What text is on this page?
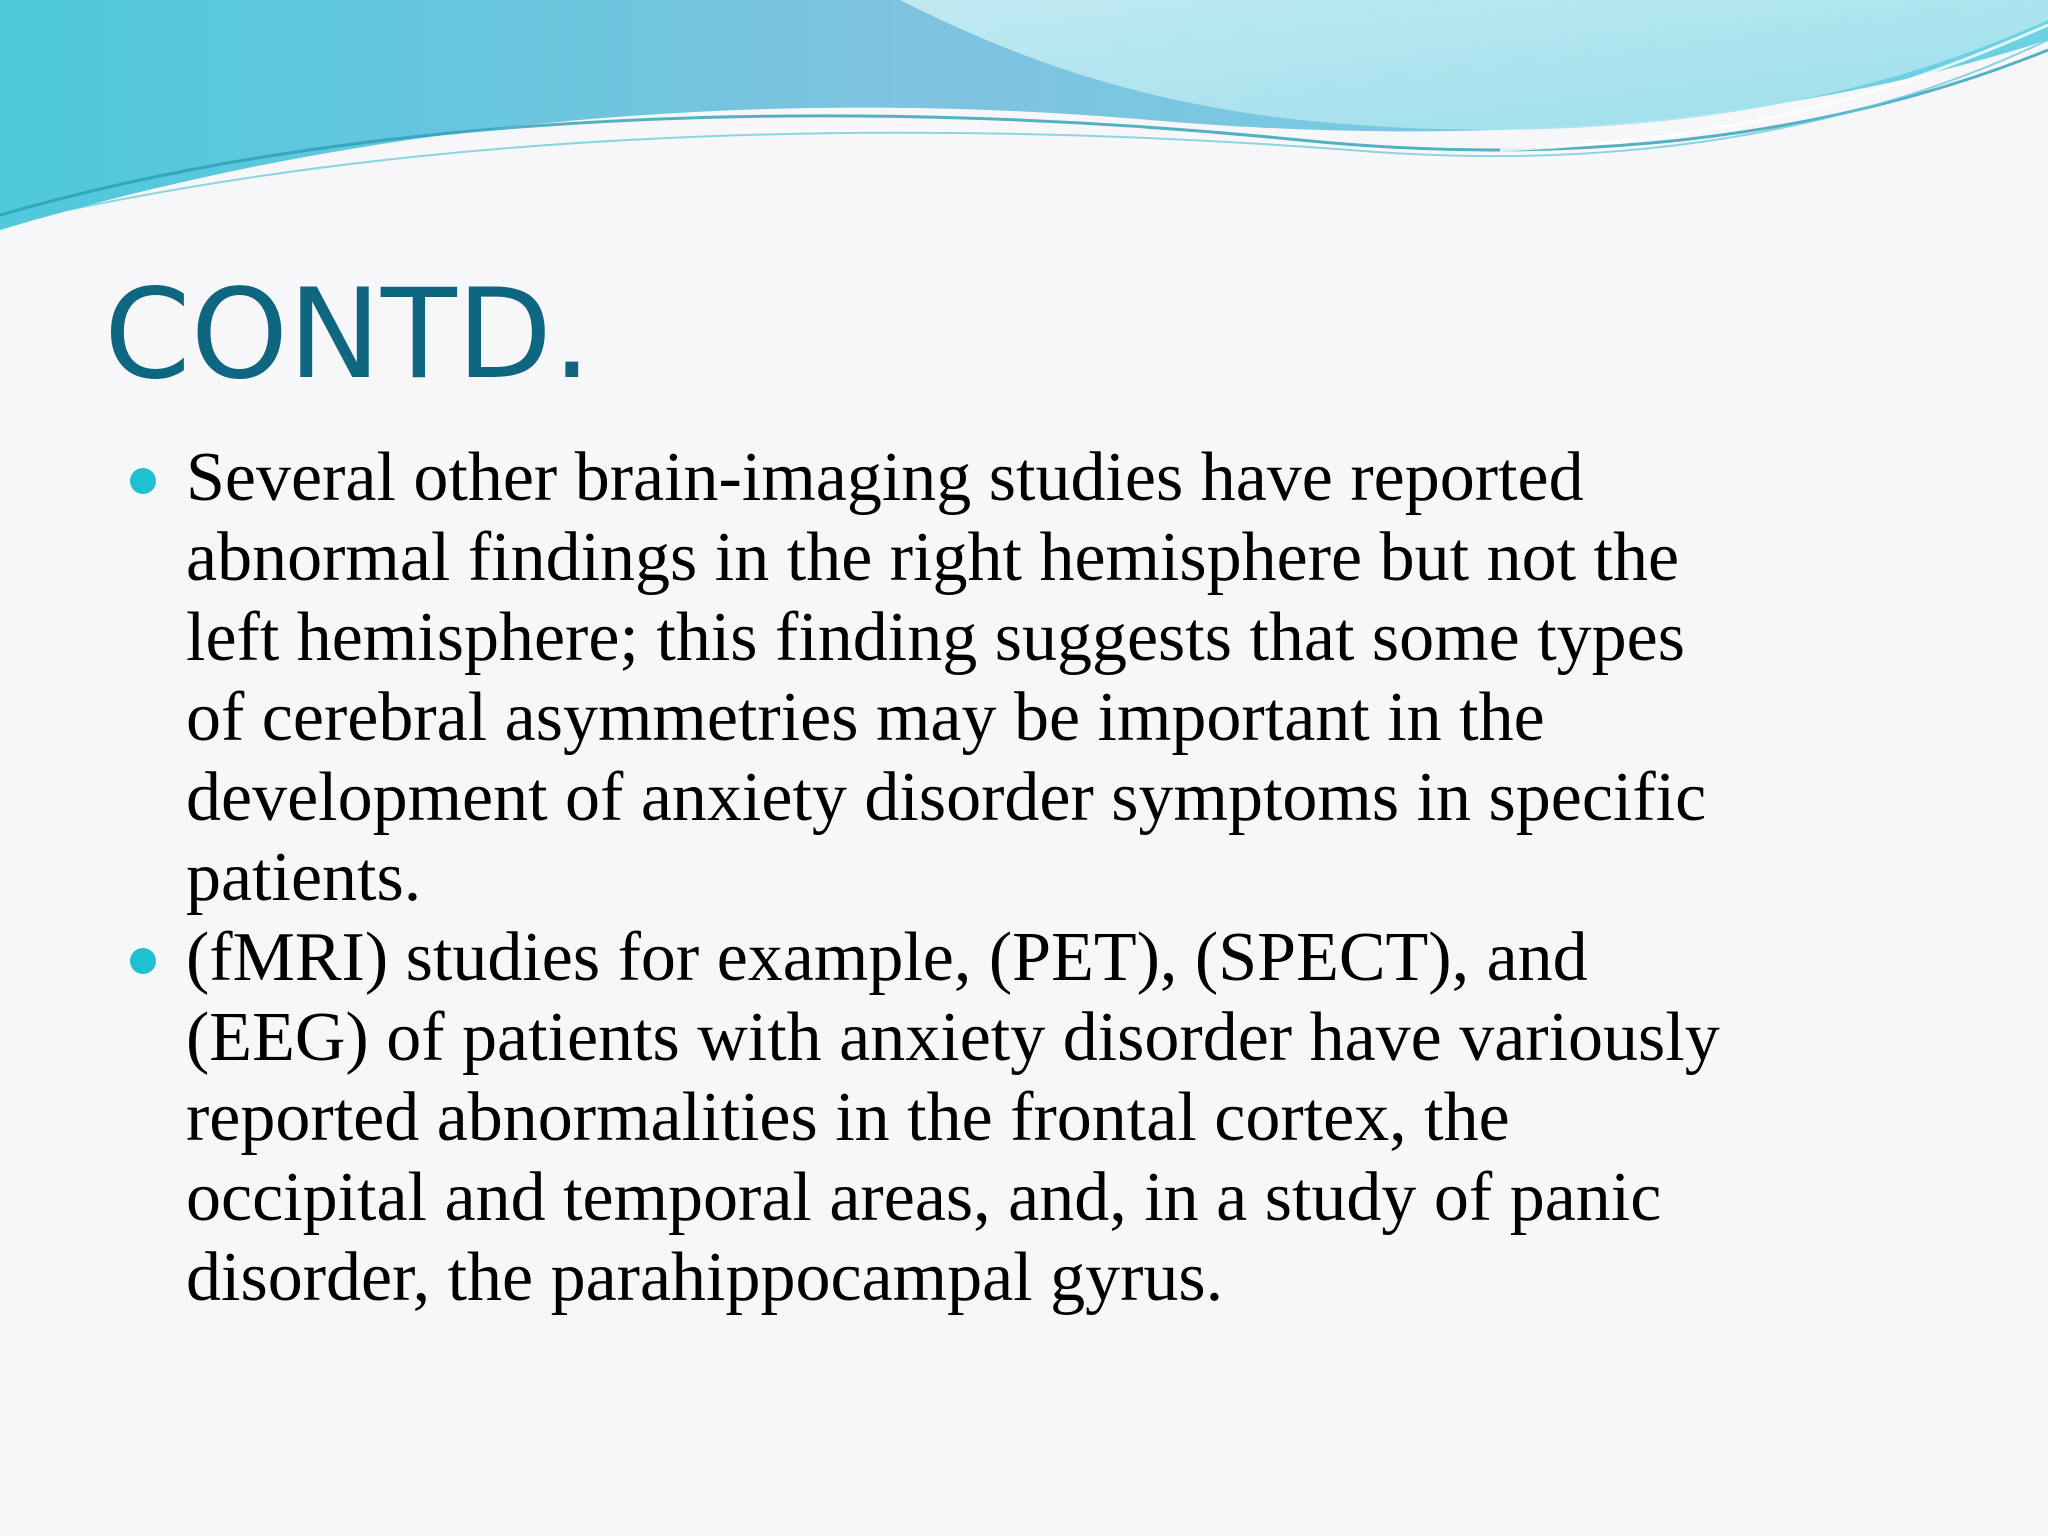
CONTD.
Several other brain-imaging studies have reported
abnormal findings in the right hemisphere but not the
left hemisphere; this finding suggests that some types
of cerebral asymmetries may be important in the
development of anxiety disorder symptoms in specific
patients.
(fMRI) studies for example, (PET), (SPECT), and
(EEG) of patients with anxiety disorder have variously
reported abnormalities in the frontal cortex, the
occipital and temporal areas, and, in a study of panic
disorder, the parahippocampal gyrus.
